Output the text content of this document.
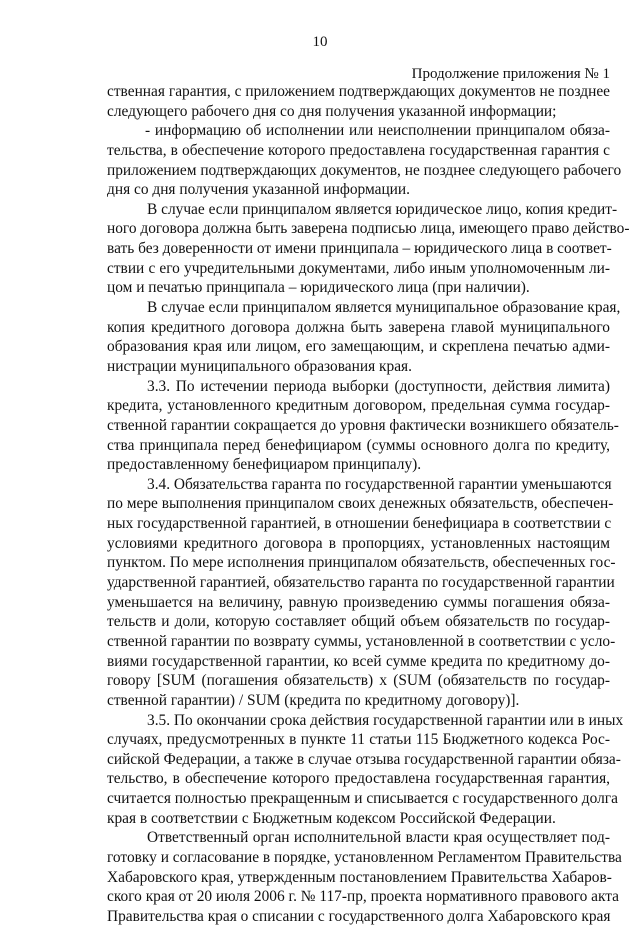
10
Продолжение приложения № 1
ственная гарантия, с приложением подтверждающих документов не позднее
следующего рабочего дня со дня получения указанной информации;
- информацию об исполнении или неисполнении принципалом обяза-
тельства, в обеспечение которого предоставлена государственная гарантия с
приложением подтверждающих документов, не позднее следующего рабочего
дня со дня получения указанной информации.
В случае если принципалом является юридическое лицо, копия кредит-
ного договора должна быть заверена подписью лица, имеющего право действо-
вать без доверенности от имени принципала – юридического лица в соответ-
ствии с его учредительными документами, либо иным уполномоченным ли-
цом и печатью принципала – юридического лица (при наличии).
В случае если принципалом является муниципальное образование края,
копия кредитного договора должна быть заверена главой муниципального
образования края или лицом, его замещающим, и скреплена печатью адми-
нистрации муниципального образования края.
3.3. По истечении периода выборки (доступности, действия лимита)
кредита, установленного кредитным договором, предельная сумма государ-
ственной гарантии сокращается до уровня фактически возникшего обязатель-
ства принципала перед бенефициаром (суммы основного долга по кредиту,
предоставленному бенефициаром принципалу).
3.4. Обязательства гаранта по государственной гарантии уменьшаются
по мере выполнения принципалом своих денежных обязательств, обеспечен-
ных государственной гарантией, в отношении бенефициара в соответствии с
условиями кредитного договора в пропорциях, установленных настоящим
пунктом. По мере исполнения принципалом обязательств, обеспеченных гос-
ударственной гарантией, обязательство гаранта по государственной гарантии
уменьшается на величину, равную произведению суммы погашения обяза-
тельств и доли, которую составляет общий объем обязательств по государ-
ственной гарантии по возврату суммы, установленной в соответствии с усло-
виями государственной гарантии, ко всей сумме кредита по кредитному до-
говору [SUM (погашения обязательств) x (SUM (обязательств по государ-
ственной гарантии) / SUM (кредита по кредитному договору)].
3.5. По окончании срока действия государственной гарантии или в иных
случаях, предусмотренных в пункте 11 статьи 115 Бюджетного кодекса Рос-
сийской Федерации, а также в случае отзыва государственной гарантии обяза-
тельство, в обеспечение которого предоставлена государственная гарантия,
считается полностью прекращенным и списывается с государственного долга
края в соответствии с Бюджетным кодексом Российской Федерации.
Ответственный орган исполнительной власти края осуществляет под-
готовку и согласование в порядке, установленном Регламентом Правительства
Хабаровского края, утвержденным постановлением Правительства Хабаров-
ского края от 20 июля 2006 г. № 117-пр, проекта нормативного правового акта
Правительства края о списании с государственного долга Хабаровского края
